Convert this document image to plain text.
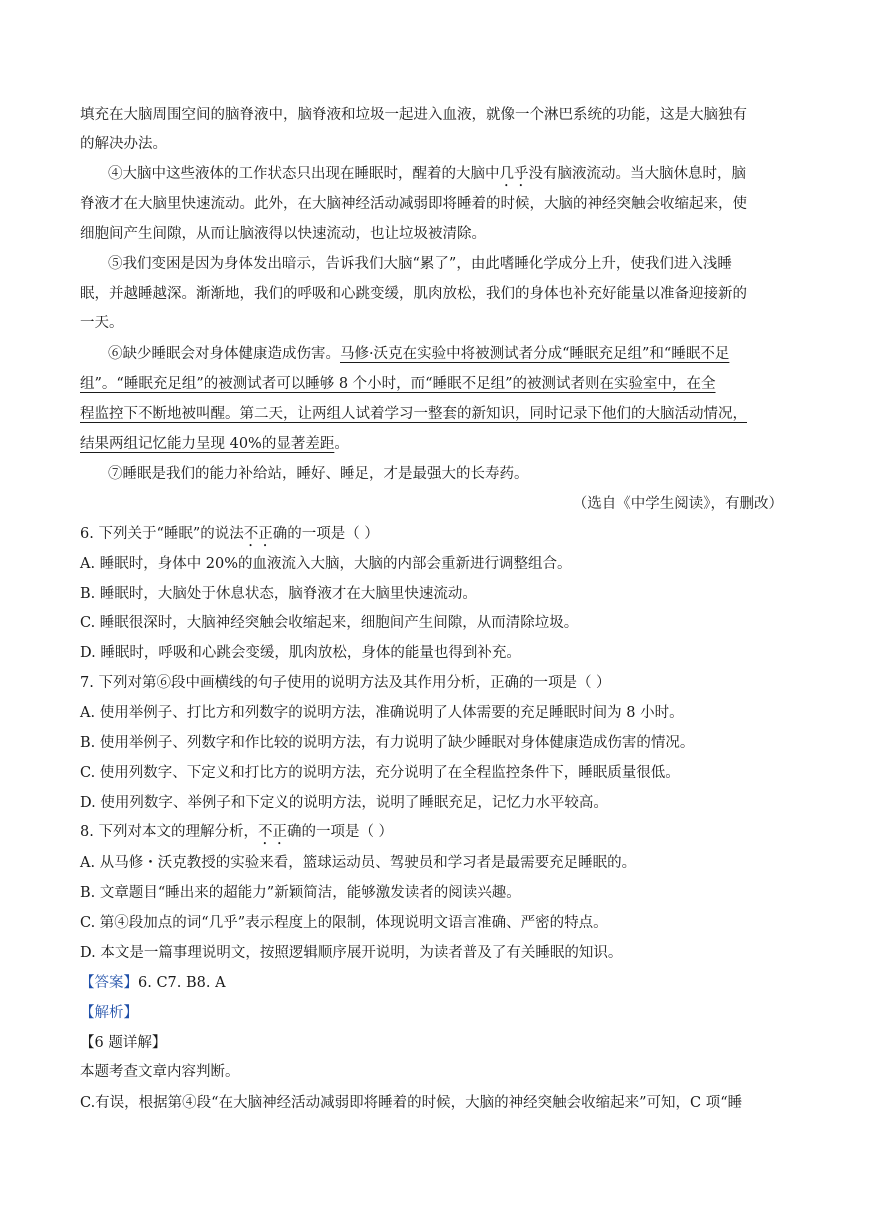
填充在大脑周围空间的脑脊液中，脑脊液和垃圾一起进入血液，就像一个淋巴系统的功能，这是大脑独有
的解决办法。
④大脑中这些液体的工作状态只出现在睡眠时，醒着的大脑中几乎没有脑液流动。当大脑休息时，脑
脊液才在大脑里快速流动。此外，在大脑神经活动减弱即将睡着的时候，大脑的神经突触会收缩起来，使
细胞间产生间隙，从而让脑液得以快速流动，也让垃圾被清除。
⑤我们变困是因为身体发出暗示，告诉我们大脑“累了”，由此嗜睡化学成分上升，使我们进入浅睡
眠，并越睡越深。渐渐地，我们的呼吸和心跳变缓，肌肉放松，我们的身体也补充好能量以准备迎接新的
一天。
⑥缺少睡眠会对身体健康造成伤害。马修·沃克在实验中将被测试者分成“睡眠充足组”和“睡眠不足
组”。“睡眠充足组”的被测试者可以睡够 8 个小时，而“睡眠不足组”的被测试者则在实验室中，在全
程监控下不断地被叫醒。第二天，让两组人试着学习一整套的新知识，同时记录下他们的大脑活动情况，
结果两组记忆能力呈现 40%的显著差距。
⑦睡眠是我们的能力补给站，睡好、睡足，才是最强大的长寿药。
（选自《中学生阅读》，有删改）
6. 下列关于“睡眠”的说法不正确的一项是（ ）
A. 睡眠时，身体中 20%的血液流入大脑，大脑的内部会重新进行调整组合。
B. 睡眠时，大脑处于休息状态，脑脊液才在大脑里快速流动。
C. 睡眠很深时，大脑神经突触会收缩起来，细胞间产生间隙，从而清除垃圾。
D. 睡眠时，呼吸和心跳会变缓，肌肉放松，身体的能量也得到补充。
7. 下列对第⑥段中画横线的句子使用的说明方法及其作用分析，正确的一项是（ ）
A. 使用举例子、打比方和列数字的说明方法，准确说明了人体需要的充足睡眠时间为 8 小时。
B. 使用举例子、列数字和作比较的说明方法，有力说明了缺少睡眠对身体健康造成伤害的情况。
C. 使用列数字、下定义和打比方的说明方法，充分说明了在全程监控条件下，睡眠质量很低。
D. 使用列数字、举例子和下定义的说明方法，说明了睡眠充足，记忆力水平较高。
8. 下列对本文的理解分析，不正确的一项是（ ）
A. 从马修・沃克教授的实验来看，篮球运动员、驾驶员和学习者是最需要充足睡眠的。
B. 文章题目“睡出来的超能力”新颖简洁，能够激发读者的阅读兴趣。
C. 第④段加点的词“几乎”表示程度上的限制，体现说明文语言准确、严密的特点。
D. 本文是一篇事理说明文，按照逻辑顺序展开说明，为读者普及了有关睡眠的知识。
【答案】6. C7. B8. A
【解析】
【6 题详解】
本题考查文章内容判断。
C.有误，根据第④段“在大脑神经活动减弱即将睡着的时候，大脑的神经突触会收缩起来”可知，C 项“睡
